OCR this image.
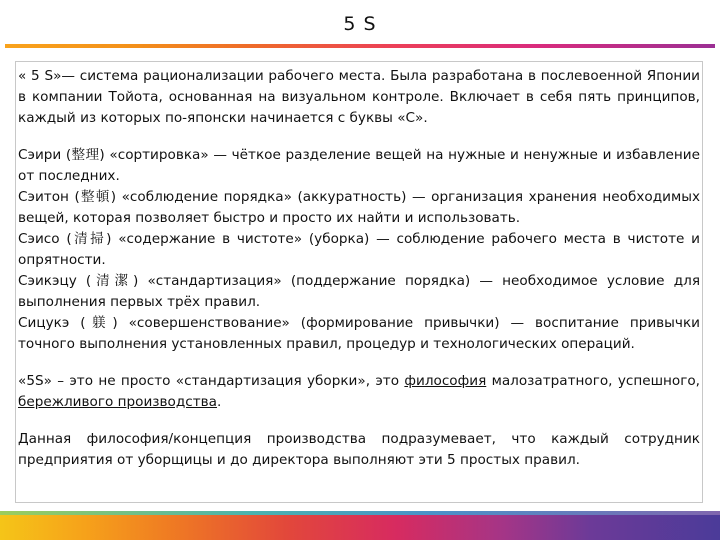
5 S

« 5 S»— система рационализации рабочего места. Была разработана в послевоенной Японии в компании Тойота, основанная на визуальном контроле. Включает в себя пять принципов, каждый из которых по-японски начинается с буквы «С».

Сэири (整理) «сортировка» — чёткое разделение вещей на нужные и ненужные и избавление от последних.

Сэитон (整頓) «соблюдение порядка» (аккуратность) — организация хранения необходимых вещей, которая позволяет быстро и просто их найти и использовать.

Сэисо (清掃) «содержание в чистоте» (уборка) — соблюдение рабочего места в чистоте и опрятности.

Сэикэцу (清潔) «стандартизация» (поддержание порядка) — необходимое условие для выполнения первых трёх правил.

Сицукэ (躾) «совершенствование» (формирование привычки) — воспитание привычки точного выполнения установленных правил, процедур и технологических операций.

«5S» – это не просто «стандартизация уборки», это философия малозатратного, успешного, бережливого производства.

Данная философия/концепция производства подразумевает, что каждый сотрудник предприятия от уборщицы и до директора выполняют эти 5 простых правил.
